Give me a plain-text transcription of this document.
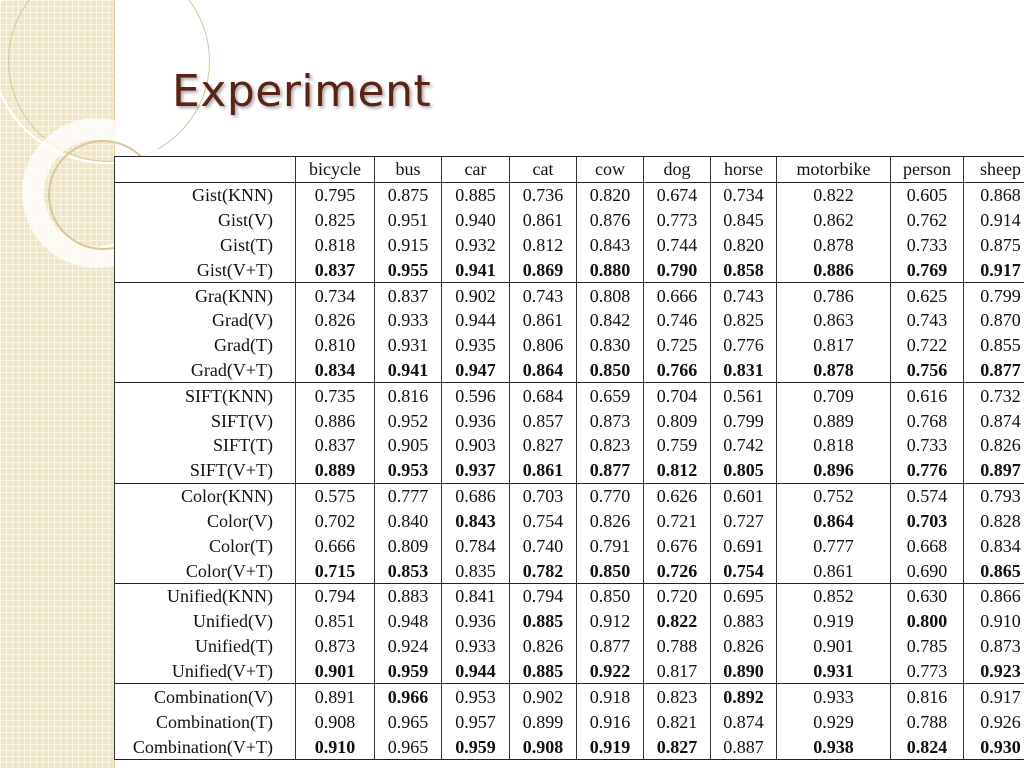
Experiment
	bicycle	bus	car	cat	cow	dog	horse	motorbike	person	sheep
Gist(KNN)	0.795	0.875	0.885	0.736	0.820	0.674	0.734	0.822	0.605	0.868
Gist(V)	0.825	0.951	0.940	0.861	0.876	0.773	0.845	0.862	0.762	0.914
Gist(T)	0.818	0.915	0.932	0.812	0.843	0.744	0.820	0.878	0.733	0.875
Gist(V+T)	0.837	0.955	0.941	0.869	0.880	0.790	0.858	0.886	0.769	0.917
Gra(KNN)	0.734	0.837	0.902	0.743	0.808	0.666	0.743	0.786	0.625	0.799
Grad(V)	0.826	0.933	0.944	0.861	0.842	0.746	0.825	0.863	0.743	0.870
Grad(T)	0.810	0.931	0.935	0.806	0.830	0.725	0.776	0.817	0.722	0.855
Grad(V+T)	0.834	0.941	0.947	0.864	0.850	0.766	0.831	0.878	0.756	0.877
SIFT(KNN)	0.735	0.816	0.596	0.684	0.659	0.704	0.561	0.709	0.616	0.732
SIFT(V)	0.886	0.952	0.936	0.857	0.873	0.809	0.799	0.889	0.768	0.874
SIFT(T)	0.837	0.905	0.903	0.827	0.823	0.759	0.742	0.818	0.733	0.826
SIFT(V+T)	0.889	0.953	0.937	0.861	0.877	0.812	0.805	0.896	0.776	0.897
Color(KNN)	0.575	0.777	0.686	0.703	0.770	0.626	0.601	0.752	0.574	0.793
Color(V)	0.702	0.840	0.843	0.754	0.826	0.721	0.727	0.864	0.703	0.828
Color(T)	0.666	0.809	0.784	0.740	0.791	0.676	0.691	0.777	0.668	0.834
Color(V+T)	0.715	0.853	0.835	0.782	0.850	0.726	0.754	0.861	0.690	0.865
Unified(KNN)	0.794	0.883	0.841	0.794	0.850	0.720	0.695	0.852	0.630	0.866
Unified(V)	0.851	0.948	0.936	0.885	0.912	0.822	0.883	0.919	0.800	0.910
Unified(T)	0.873	0.924	0.933	0.826	0.877	0.788	0.826	0.901	0.785	0.873
Unified(V+T)	0.901	0.959	0.944	0.885	0.922	0.817	0.890	0.931	0.773	0.923
Combination(V)	0.891	0.966	0.953	0.902	0.918	0.823	0.892	0.933	0.816	0.917
Combination(T)	0.908	0.965	0.957	0.899	0.916	0.821	0.874	0.929	0.788	0.926
Combination(V+T)	0.910	0.965	0.959	0.908	0.919	0.827	0.887	0.938	0.824	0.930
